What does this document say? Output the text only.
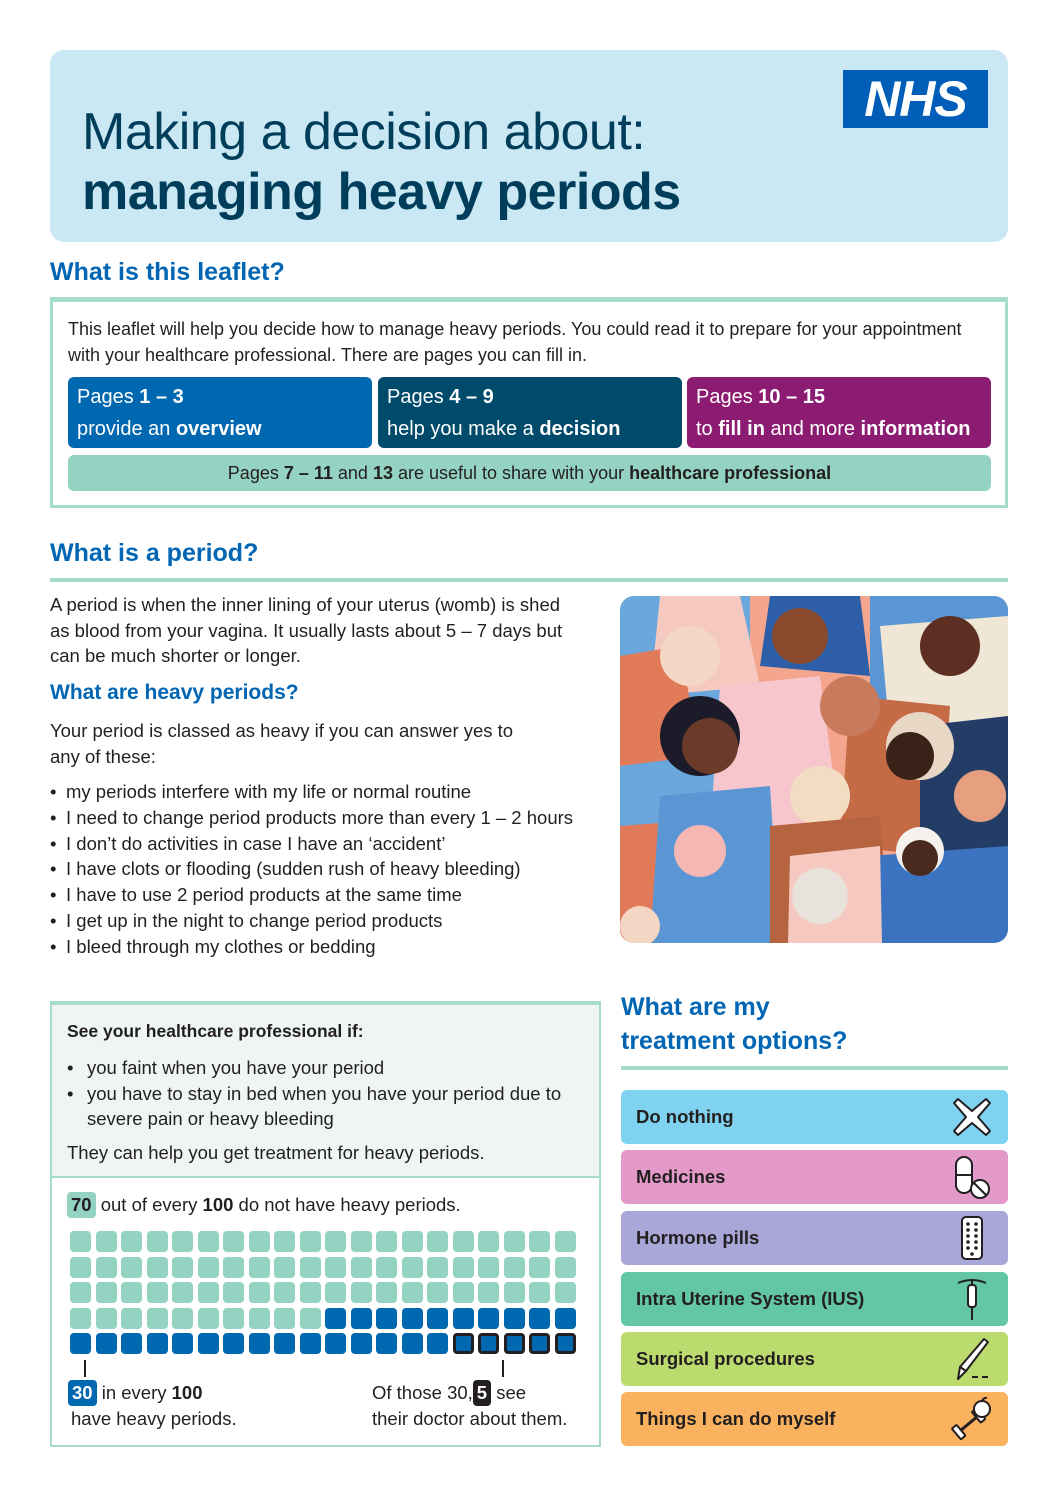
Making a decision about:
managing heavy periods
NHS
What is this leaflet?
This leaflet will help you decide how to manage heavy periods. You could read it to prepare for your appointment with your healthcare professional. There are pages you can fill in.
Pages 1 – 3
provide an overview
Pages 4 – 9
help you make a decision
Pages 10 – 15
to fill in and more information
Pages 7 – 11 and 13 are useful to share with your healthcare professional
What is a period?
A period is when the inner lining of your uterus (womb) is shed as blood from your vagina. It usually lasts about 5 – 7 days but can be much shorter or longer.
What are heavy periods?
Your period is classed as heavy if you can answer yes to any of these:
• my periods interfere with my life or normal routine
• I need to change period products more than every 1 – 2 hours
• I don’t do activities in case I have an ‘accident’
• I have clots or flooding (sudden rush of heavy bleeding)
• I have to use 2 period products at the same time
• I get up in the night to change period products
• I bleed through my clothes or bedding
See your healthcare professional if:
• you faint when you have your period
• you have to stay in bed when you have your period due to severe pain or heavy bleeding
They can help you get treatment for heavy periods.
70 out of every 100 do not have heavy periods.
30 in every 100
have heavy periods.
Of those 30, 5 see
their doctor about them.
What are my
treatment options?
Do nothing
Medicines
Hormone pills
Intra Uterine System (IUS)
Surgical procedures
Things I can do myself
